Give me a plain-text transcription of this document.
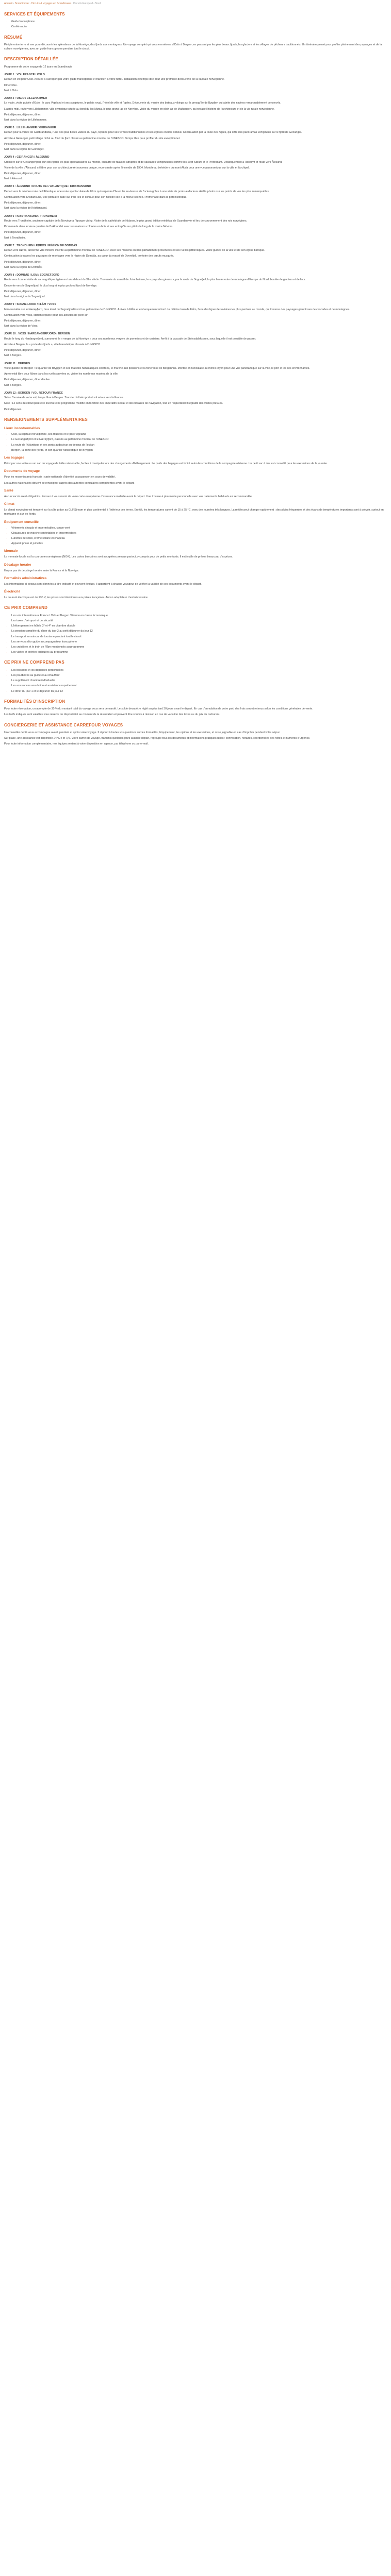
Accueil › Scandinavie › Circuits & voyages en Scandinavie › Circuits Europe du Nord
SERVICES ET ÉQUIPEMENTS
• Guide francophone
• Conférencier
RÉSUMÉ

Périple entre terre et mer pour découvrir les splendeurs de la Norvège, des fjords aux montagnes. Un voyage complet qui vous emmènera d'Oslo à Bergen, en passant par les plus beaux fjords, les glaciers et les villages de pêcheurs traditionnels. Un itinéraire pensé pour profiter pleinement des paysages et de la culture norvégienne, avec un guide francophone pendant tout le circuit.

DESCRIPTION DÉTAILLÉE

Programme de votre voyage de 12 jours en Scandinavie

JOUR 1 : VOL FRANCE / OSLO

Départ en vol pour Oslo. Accueil à l'aéroport par votre guide francophone et transfert à votre hôtel. Installation et temps libre pour une première découverte de la capitale norvégienne.

Dîner libre.

Nuit à Oslo.

JOUR 2 : OSLO / LILLEHAMMER

Le matin, visite guidée d'Oslo : le parc Vigeland et ses sculptures, le palais royal, l'hôtel de ville et l'opéra. Découverte du musée des bateaux vikings sur la presqu'île de Bygdøy, qui abrite des navires remarquablement conservés.

L'après-midi, route vers Lillehammer, ville olympique située au bord du lac Mjøsa, le plus grand lac de Norvège. Visite du musée en plein air de Maihaugen, qui retrace l'histoire de l'architecture et de la vie rurale norvégienne.

Petit déjeuner, déjeuner, dîner.

Nuit dans la région de Lillehammer.

JOUR 3 : LILLEHAMMER / GEIRANGER

Départ pour la vallée de Gudbrandsdal, l'une des plus belles vallées du pays, réputée pour ses fermes traditionnelles et ses églises en bois debout. Continuation par la route des Aigles, qui offre des panoramas vertigineux sur le fjord de Geiranger.

Arrivée à Geiranger, petit village niché au fond du fjord classé au patrimoine mondial de l'UNESCO. Temps libre pour profiter du site exceptionnel.

Petit déjeuner, déjeuner, dîner.

Nuit dans la région de Geiranger.

JOUR 4 : GEIRANGER / ÅLESUND

Croisière sur le Geirangerfjord, l'un des fjords les plus spectaculaires au monde, encadré de falaises abruptes et de cascades vertigineuses comme les Sept Sœurs et le Prétendant. Débarquement à Hellesylt et route vers Ålesund.

Visite de la ville d'Ålesund, célèbre pour son architecture Art nouveau unique, reconstruite après l'incendie de 1904. Montée au belvédère du mont Aksla pour une vue panoramique sur la ville et l'archipel.

Petit déjeuner, déjeuner, dîner.

Nuit à Ålesund.

JOUR 5 : ÅLESUND / ROUTE DE L'ATLANTIQUE / KRISTIANSUND

Départ vers la célèbre route de l'Atlantique, une route spectaculaire de 8 km qui serpente d'île en île au-dessus de l'océan grâce à une série de ponts audacieux. Arrêts photos sur les points de vue les plus remarquables.

Continuation vers Kristiansund, ville portuaire bâtie sur trois îles et connue pour son histoire liée à la morue séchée. Promenade dans le port historique.

Petit déjeuner, déjeuner, dîner.

Nuit dans la région de Kristiansund.

JOUR 6 : KRISTIANSUND / TRONDHEIM

Route vers Trondheim, ancienne capitale de la Norvège à l'époque viking. Visite de la cathédrale de Nidaros, le plus grand édifice médiéval de Scandinavie et lieu de couronnement des rois norvégiens.

Promenade dans le vieux quartier de Bakklandet avec ses maisons colorées en bois et ses entrepôts sur pilotis le long de la rivière Nidelva.

Petit déjeuner, déjeuner, dîner.

Nuit à Trondheim.

JOUR 7 : TRONDHEIM / RØROS / RÉGION DE DOMBÅS

Départ vers Røros, ancienne ville minière inscrite au patrimoine mondial de l'UNESCO, avec ses maisons en bois parfaitement préservées et ses ruelles pittoresques. Visite guidée de la ville et de son église baroque.

Continuation à travers les paysages de montagne vers la région de Dombås, au cœur du massif de Dovrefjell, territoire des bœufs musqués.

Petit déjeuner, déjeuner, dîner.

Nuit dans la région de Dombås.

JOUR 8 : DOMBÅS / LOM / SOGNEFJORD

Route vers Lom et visite de sa magnifique église en bois debout du XIIe siècle. Traversée du massif de Jotunheimen, le « pays des géants », par la route du Sognefjell, la plus haute route de montagne d'Europe du Nord, bordée de glaciers et de lacs.

Descente vers le Sognefjord, le plus long et le plus profond fjord de Norvège.

Petit déjeuner, déjeuner, dîner.

Nuit dans la région du Sognefjord.

JOUR 9 : SOGNEFJORD / FLÅM / VOSS

Mini-croisière sur le Nærøyfjord, bras étroit du Sognefjord inscrit au patrimoine de l'UNESCO. Arrivée à Flåm et embarquement à bord du célèbre train de Flåm, l'une des lignes ferroviaires les plus pentues au monde, qui traverse des paysages grandioses de cascades et de montagnes.

Continuation vers Voss, station réputée pour ses activités de plein air.

Petit déjeuner, déjeuner, dîner.

Nuit dans la région de Voss.

JOUR 10 : VOSS / HARDANGERFJORD / BERGEN

Route le long du Hardangerfjord, surnommé le « verger de la Norvège » pour ses nombreux vergers de pommiers et de cerisiers. Arrêt à la cascade de Steinsdalsfossen, sous laquelle il est possible de passer.

Arrivée à Bergen, la « porte des fjords », ville hanséatique classée à l'UNESCO.

Petit déjeuner, déjeuner, dîner.

Nuit à Bergen.

JOUR 11 : BERGEN

Visite guidée de Bergen : le quartier de Bryggen et ses maisons hanséatiques colorées, le marché aux poissons et la forteresse de Bergenhus. Montée en funiculaire au mont Fløyen pour une vue panoramique sur la ville, le port et les îles environnantes.

Après-midi libre pour flâner dans les ruelles pavées ou visiter les nombreux musées de la ville.

Petit déjeuner, déjeuner, dîner d'adieu.

Nuit à Bergen.

JOUR 12 : BERGEN / VOL RETOUR FRANCE

Selon l'horaire de votre vol, temps libre à Bergen. Transfert à l'aéroport et vol retour vers la France.

Note : Le sens du circuit peut être inversé et le programme modifié en fonction des impératifs locaux et des horaires de navigation, tout en respectant l'intégralité des visites prévues.

Petit déjeuner.

RENSEIGNEMENTS SUPPLÉMENTAIRES
Lieux incontournables
• Oslo, la capitale norvégienne, ses musées et le parc Vigeland
• Le Geirangerfjord et le Nærøyfjord, classés au patrimoine mondial de l'UNESCO
• La route de l'Atlantique et ses ponts audacieux au-dessus de l'océan
• Bergen, la porte des fjords, et son quartier hanséatique de Bryggen
Les bagages

Prévoyez une valise ou un sac de voyage de taille raisonnable, faciles à manipuler lors des changements d'hébergement. Le poids des bagages est limité selon les conditions de la compagnie aérienne. Un petit sac à dos est conseillé pour les excursions de la journée.

Documents de voyage

Pour les ressortissants français : carte nationale d'identité ou passeport en cours de validité.

Les autres nationalités doivent se renseigner auprès des autorités consulaires compétentes avant le départ.

Santé

Aucun vaccin n'est obligatoire. Pensez à vous munir de votre carte européenne d'assurance maladie avant le départ. Une trousse à pharmacie personnelle avec vos traitements habituels est recommandée.

Climat

Le climat norvégien est tempéré sur la côte grâce au Gulf Stream et plus continental à l'intérieur des terres. En été, les températures varient de 15 à 25 °C, avec des journées très longues. La météo peut changer rapidement : des pluies fréquentes et des écarts de températures importants sont à prévoir, surtout en montagne et sur les fjords.

Équipement conseillé
• Vêtements chauds et imperméables, coupe-vent
• Chaussures de marche confortables et imperméables
• Lunettes de soleil, crème solaire et chapeau
• Appareil photo et jumelles
Monnaie

La monnaie locale est la couronne norvégienne (NOK). Les cartes bancaires sont acceptées presque partout, y compris pour de petits montants. Il est inutile de prévoir beaucoup d'espèces.

Décalage horaire

Il n'y a pas de décalage horaire entre la France et la Norvège.

Formalités administratives

Les informations ci-dessus sont données à titre indicatif et peuvent évoluer. Il appartient à chaque voyageur de vérifier la validité de ses documents avant le départ.

Électricité

Le courant électrique est de 230 V, les prises sont identiques aux prises françaises. Aucun adaptateur n'est nécessaire.

CE PRIX COMPREND
• Les vols internationaux France / Oslo et Bergen / France en classe économique
• Les taxes d'aéroport et de sécurité
• L'hébergement en hôtels 3* et 4* en chambre double
• La pension complète du dîner du jour 2 au petit déjeuner du jour 12
• Le transport en autocar de tourisme pendant tout le circuit
• Les services d'un guide accompagnateur francophone
• Les croisières et le train de Flåm mentionnés au programme
• Les visites et entrées indiquées au programme
CE PRIX NE COMPREND PAS
• Les boissons et les dépenses personnelles
• Les pourboires au guide et au chauffeur
• Le supplément chambre individuelle
• Les assurances annulation et assistance rapatriement
• Le dîner du jour 1 et le déjeuner du jour 12
FORMALITÉS D'INSCRIPTION

Pour toute réservation, un acompte de 30 % du montant total du voyage vous sera demandé. Le solde devra être réglé au plus tard 30 jours avant le départ. En cas d'annulation de votre part, des frais seront retenus selon les conditions générales de vente.

Les tarifs indiqués sont valables sous réserve de disponibilité au moment de la réservation et peuvent être soumis à révision en cas de variation des taxes ou du prix du carburant.

CONCIERGERIE ET ASSISTANCE CARREFOUR VOYAGES

Un conseiller dédié vous accompagne avant, pendant et après votre voyage. Il répond à toutes vos questions sur les formalités, l'équipement, les options et les excursions, et reste joignable en cas d'imprévu pendant votre séjour.

Sur place, une assistance est disponible 24h/24 et 7j/7. Votre carnet de voyage, transmis quelques jours avant le départ, regroupe tous les documents et informations pratiques utiles : convocation, horaires, coordonnées des hôtels et numéros d'urgence.

Pour toute information complémentaire, nos équipes restent à votre disposition en agence, par téléphone ou par e-mail.
